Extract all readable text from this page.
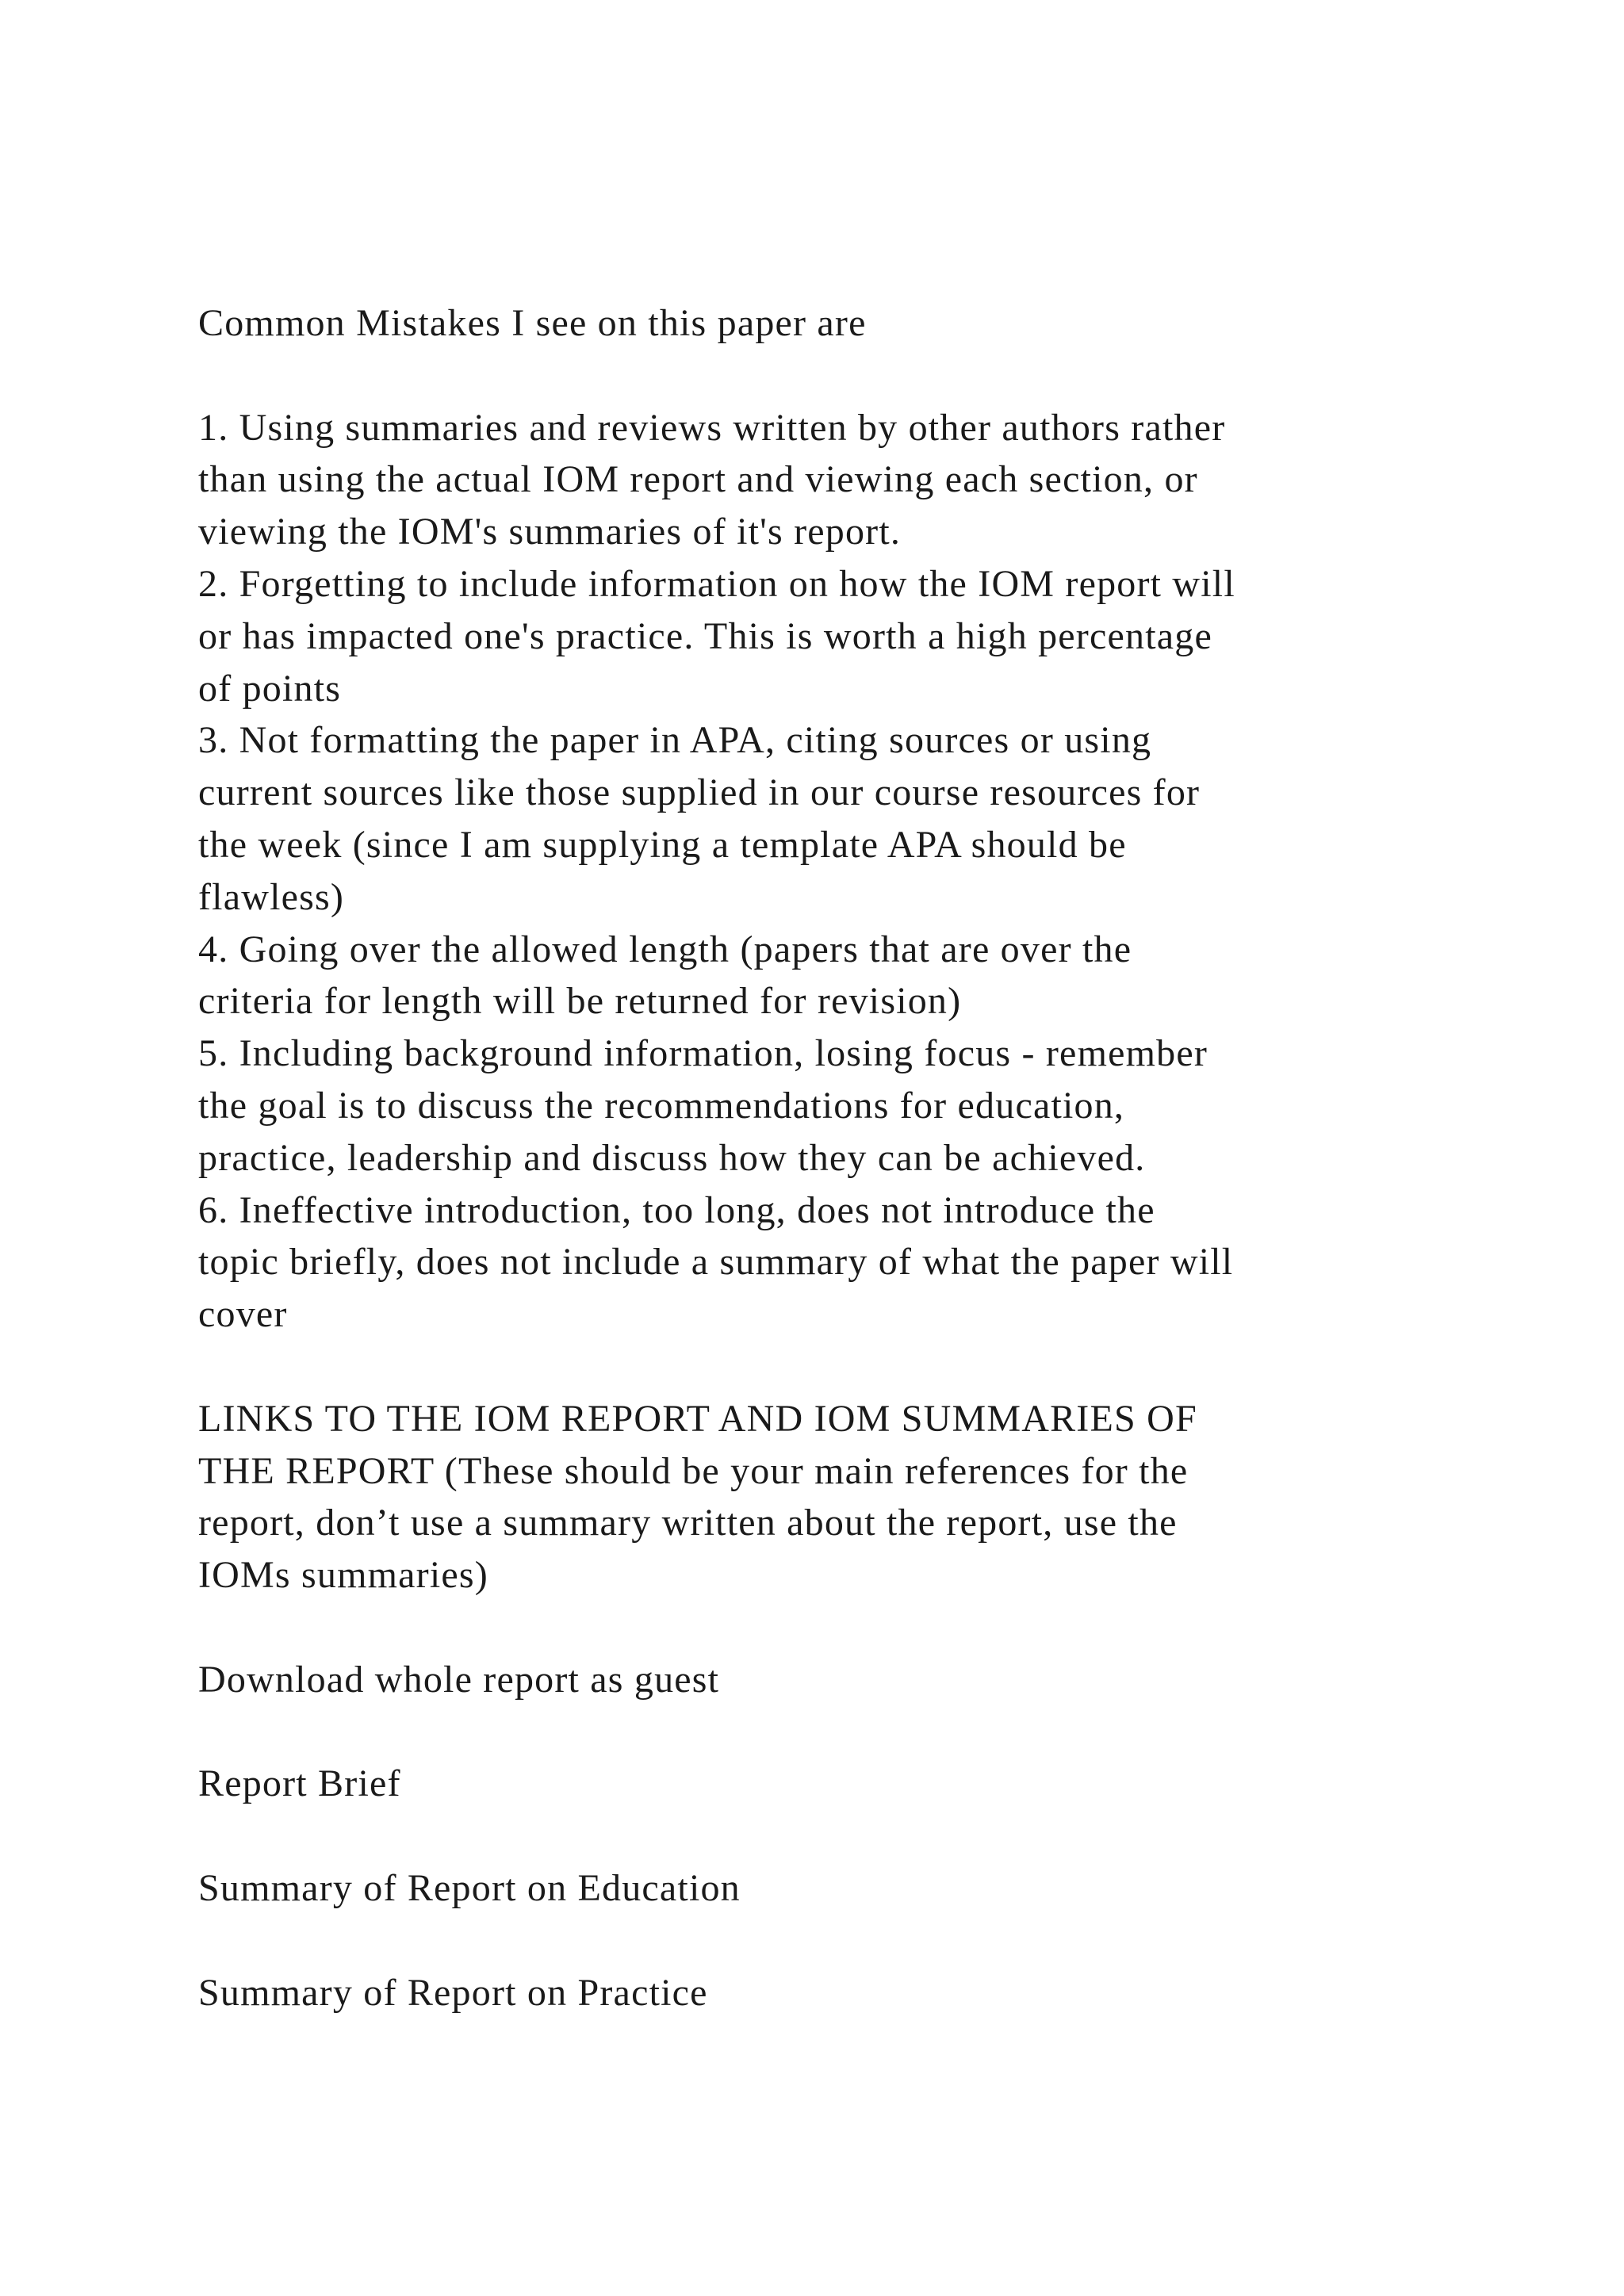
Common Mistakes I see on this paper are
1. Using summaries and reviews written by other authors rather
than using the actual IOM report and viewing each section, or
viewing the IOM's summaries of it's report.
2. Forgetting to include information on how the IOM report will
or has impacted one's practice. This is worth a high percentage
of points
3. Not formatting the paper in APA, citing sources or using
current sources like those supplied in our course resources for
the week (since I am supplying a template APA should be
flawless)
4. Going over the allowed length (papers that are over the
criteria for length will be returned for revision)
5. Including background information, losing focus - remember
the goal is to discuss the recommendations for education,
practice, leadership and discuss how they can be achieved.
6. Ineffective introduction, too long, does not introduce the
topic briefly, does not include a summary of what the paper will
cover
LINKS TO THE IOM REPORT AND IOM SUMMARIES OF
THE REPORT (These should be your main references for the
report, don’t use a summary written about the report, use the
IOMs summaries)
Download whole report as guest
Report Brief
Summary of Report on Education
Summary of Report on Practice
